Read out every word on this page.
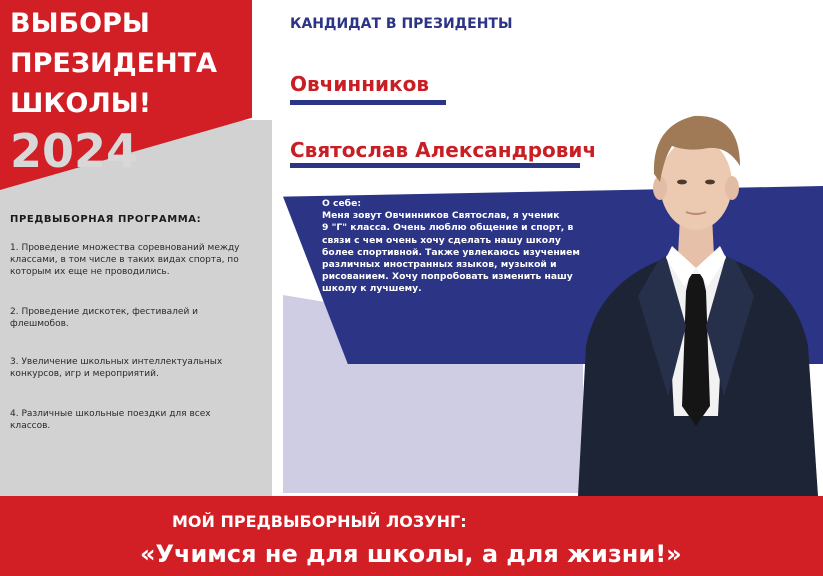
ВЫБОРЫ
ПРЕЗИДЕНТА
ШКОЛЫ!
2024
ПРЕДВЫБОРНАЯ ПРОГРАММА:
1. Проведение множества соревнований между классами, в том числе в таких видах спорта, по которым их еще не проводились.
2. Проведение дискотек, фестивалей и флешмобов.
3. Увеличение школьных интеллектуальных конкурсов, игр и мероприятий.
4. Различные школьные поездки для всех классов.
КАНДИДАТ В ПРЕЗИДЕНТЫ
Овчинников
Святослав Александрович
О себе:
Меня зовут Овчинников Святослав, я ученик
9 "Г" класса. Очень люблю общение и спорт, в
связи с чем очень хочу сделать нашу школу
более спортивной. Также увлекаюсь изучением
различных иностранных языков, музыкой и
рисованием. Хочу попробовать изменить нашу
школу к лучшему.
МОЙ ПРЕДВЫБОРНЫЙ ЛОЗУНГ:
«Учимся не для школы, а для жизни!»
